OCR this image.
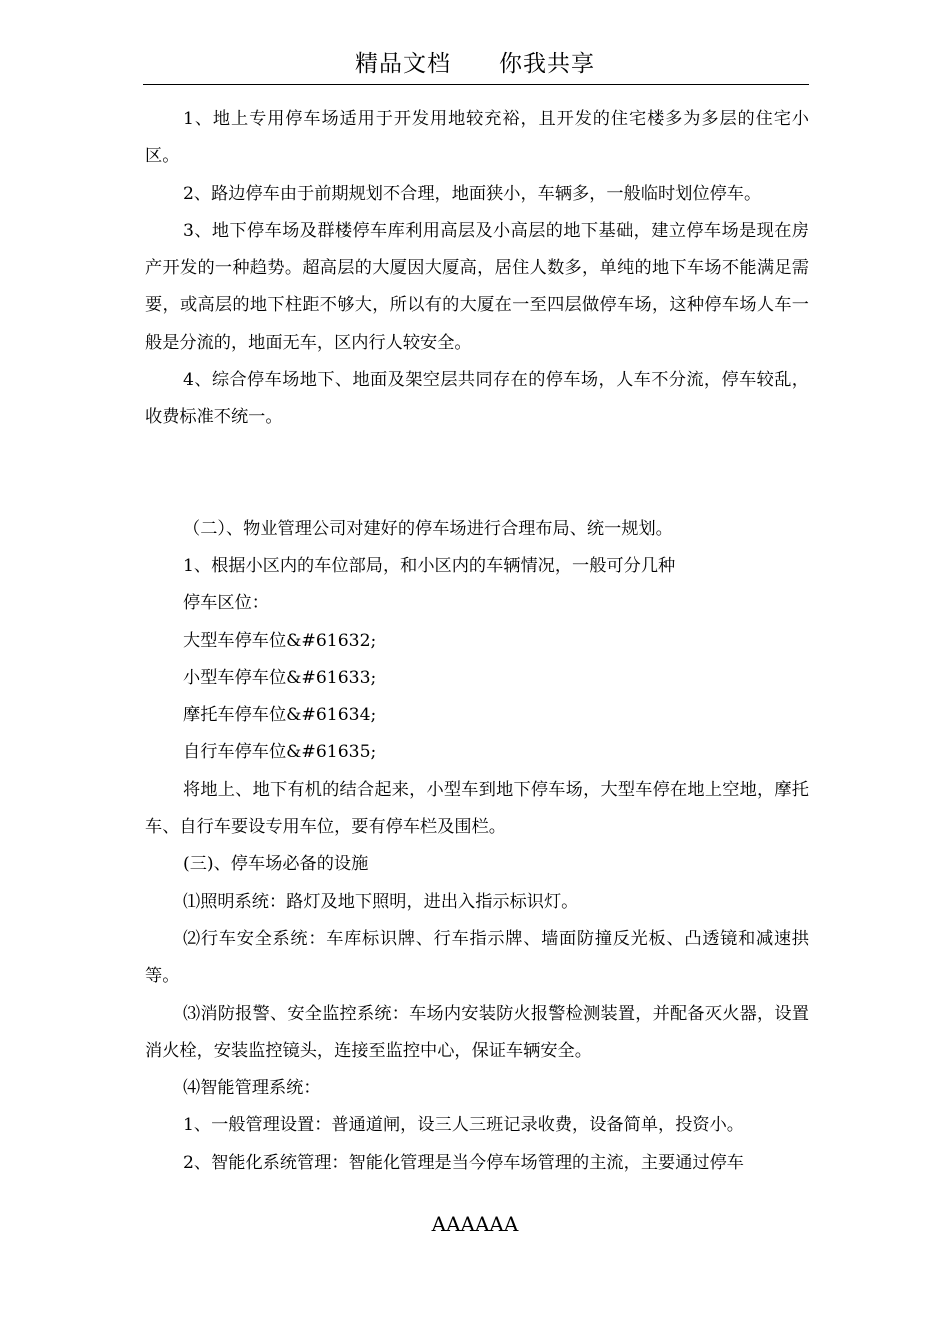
精品文档 你我共享

1、地上专用停车场适用于开发用地较充裕，且开发的住宅楼多为多层的住宅小区。

2、路边停车由于前期规划不合理，地面狭小，车辆多，一般临时划位停车。

3、地下停车场及群楼停车库利用高层及小高层的地下基础，建立停车场是现在房产开发的一种趋势。超高层的大厦因大厦高，居住人数多，单纯的地下车场不能满足需要，或高层的地下柱距不够大，所以有的大厦在一至四层做停车场，这种停车场人车一般是分流的，地面无车，区内行人较安全。

4、综合停车场地下、地面及架空层共同存在的停车场，人车不分流，停车较乱，收费标准不统一。

（二）、物业管理公司对建好的停车场进行合理布局、统一规划。

1、根据小区内的车位部局，和小区内的车辆情况，一般可分几种

停车区位：

大型车停车位&#61632;

小型车停车位&#61633;

摩托车停车位&#61634;

自行车停车位&#61635;

将地上、地下有机的结合起来，小型车到地下停车场，大型车停在地上空地，摩托车、自行车要设专用车位，要有停车栏及围栏。

(三)、停车场必备的设施

⑴照明系统：路灯及地下照明，进出入指示标识灯。

⑵行车安全系统：车库标识牌、行车指示牌、墙面防撞反光板、凸透镜和减速拱等。

⑶消防报警、安全监控系统：车场内安装防火报警检测装置，并配备灭火器，设置消火栓，安装监控镜头，连接至监控中心，保证车辆安全。

⑷智能管理系统：

1、一般管理设置：普通道闸，设三人三班记录收费，设备简单，投资小。

2、智能化系统管理：智能化管理是当今停车场管理的主流，主要通过停车

AAAAAA
